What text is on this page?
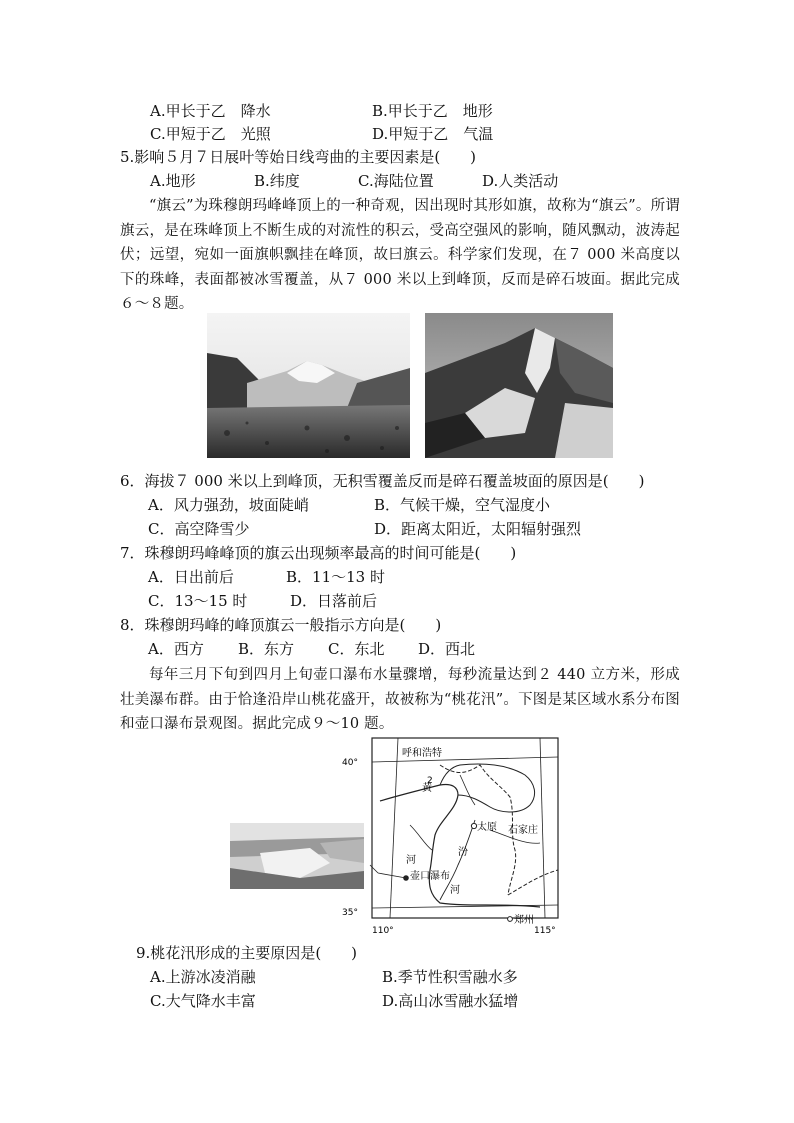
A.甲长于乙　降水	B.甲长于乙　地形
C.甲短于乙　光照	D.甲短于乙　气温
5.影响５月７日展叶等始日线弯曲的主要因素是(　　)
A.地形	B.纬度	C.海陆位置	D.人类活动
“旗云”为珠穆朗玛峰峰顶上的一种奇观，因出现时其形如旗，故称为“旗云”。所谓旗云，是在珠峰顶上不断生成的对流性的积云，受高空强风的影响，随风飘动，波涛起伏；远望，宛如一面旗帜飘挂在峰顶，故曰旗云。科学家们发现，在７ 000 米高度以下的珠峰，表面都被冰雪覆盖，从７ 000 米以上到峰顶，反而是碎石坡面。据此完成６～８题。
6．海拔７ 000 米以上到峰顶，无积雪覆盖反而是碎石覆盖坡面的原因是(　　)
A．风力强劲，坡面陡峭	B．气候干燥，空气湿度小
C．高空降雪少	D．距离太阳近，太阳辐射强烈
7．珠穆朗玛峰峰顶的旗云出现频率最高的时间可能是(　　)
A．日出前后	B．11～13 时
C．13～15 时	D．日落前后
8．珠穆朗玛峰的峰顶旗云一般指示方向是(　　)
A．西方 B．东方 C．东北 D．西北
每年三月下旬到四月上旬壶口瀑布水量骤增，每秒流量达到２ 440 立方米，形成壮美瀑布群。由于恰逢沿岸山桃花盛开，故被称为“桃花汛”。下图是某区域水系分布图和壶口瀑布景观图。据此完成９～10 题。
40°
35°
110°	115°
呼和浩特
太原 石家庄
郑州
壶口瀑布
黄
河
汾
河
2
9.桃花汛形成的主要原因是(　　)
A.上游冰凌消融	B.季节性积雪融水多
C.大气降水丰富	D.高山冰雪融水猛增
